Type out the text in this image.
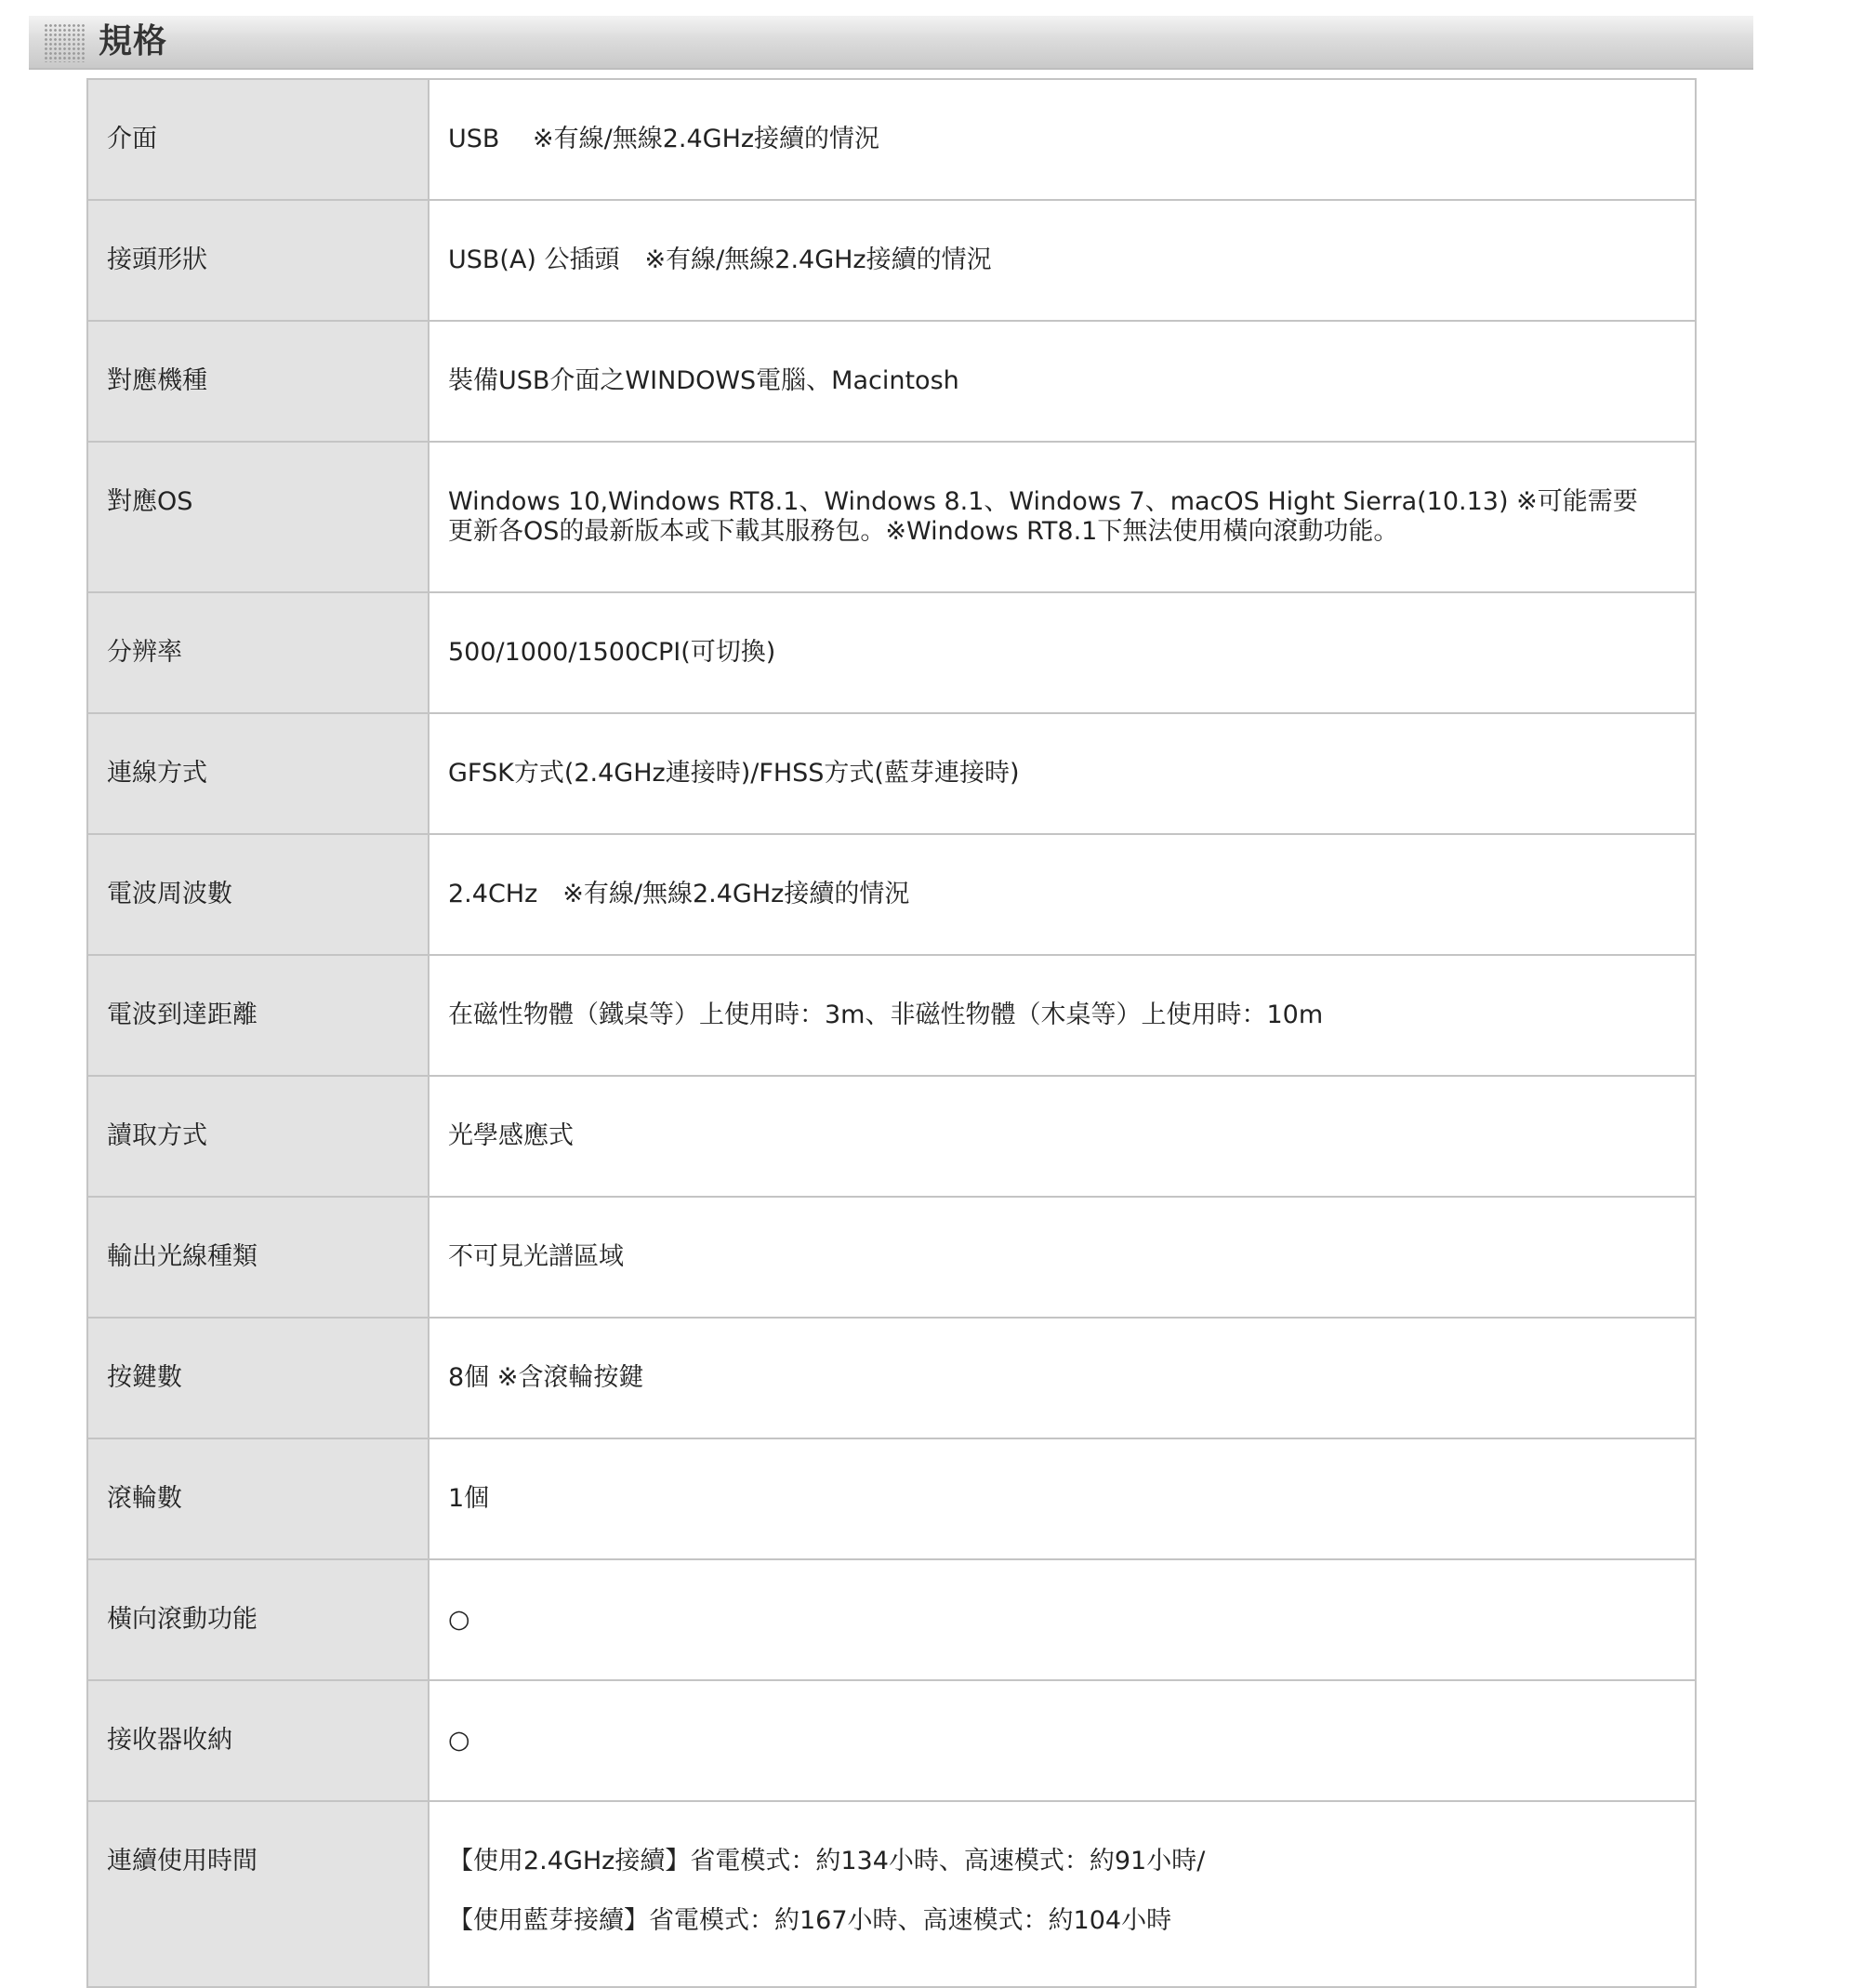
規格
介面	USB　 ※有線/無線2.4GHz接續的情況
接頭形狀	USB(A) 公插頭　※有線/無線2.4GHz接續的情況
對應機種	裝備USB介面之WINDOWS電腦、Macintosh
對應OS	Windows 10,Windows RT8.1、Windows 8.1、Windows 7、macOS Hight Sierra(10.13) ※可能需要更新各OS的最新版本或下載其服務包。※Windows RT8.1下無法使用橫向滾動功能。
分辨率	500/1000/1500CPI(可切換)
連線方式	GFSK方式(2.4GHz連接時)/FHSS方式(藍芽連接時)
電波周波數	2.4CHz　※有線/無線2.4GHz接續的情況
電波到達距離	在磁性物體（鐵桌等）上使用時：3m、非磁性物體（木桌等）上使用時：10m
讀取方式	光學感應式
輸出光線種類	不可見光譜區域
按鍵數	8個 ※含滾輪按鍵
滾輪數	1個
橫向滾動功能	○
接收器收納	○
連續使用時間	【使用2.4GHz接續】省電模式：約134小時、高速模式：約91小時/
【使用藍芽接續】省電模式：約167小時、高速模式：約104小時
